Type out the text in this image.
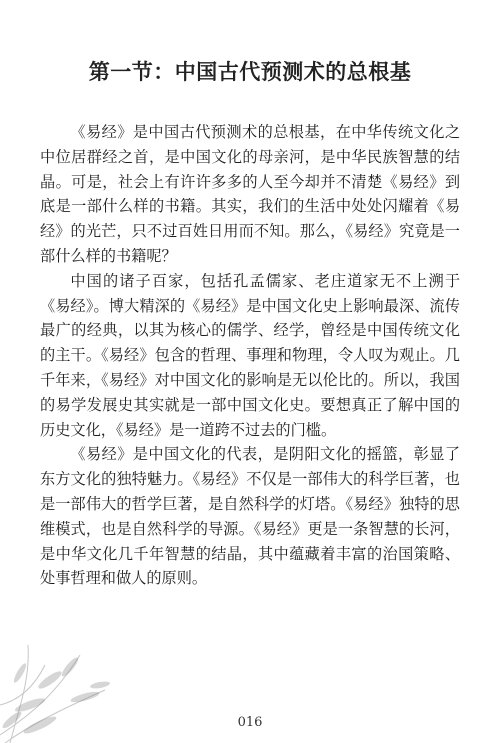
第一节：中国古代预测术的总根基

《易经》是中国古代预测术的总根基，在中华传统文化之中位居群经之首，是中国文化的母亲河，是中华民族智慧的结晶。可是，社会上有许许多多的人至今却并不清楚《易经》到底是一部什么样的书籍。其实，我们的生活中处处闪耀着《易经》的光芒，只不过百姓日用而不知。那么，《易经》究竟是一部什么样的书籍呢？

中国的诸子百家，包括孔孟儒家、老庄道家无不上溯于《易经》。博大精深的《易经》是中国文化史上影响最深、流传最广的经典，以其为核心的儒学、经学，曾经是中国传统文化的主干。《易经》包含的哲理、事理和物理，令人叹为观止。几千年来，《易经》对中国文化的影响是无以伦比的。所以，我国的易学发展史其实就是一部中国文化史。要想真正了解中国的历史文化，《易经》是一道跨不过去的门槛。

《易经》是中国文化的代表，是阴阳文化的摇篮，彰显了东方文化的独特魅力。《易经》不仅是一部伟大的科学巨著，也是一部伟大的哲学巨著，是自然科学的灯塔。《易经》独特的思维模式，也是自然科学的导源。《易经》更是一条智慧的长河，是中华文化几千年智慧的结晶，其中蕴藏着丰富的治国策略、处事哲理和做人的原则。

016
